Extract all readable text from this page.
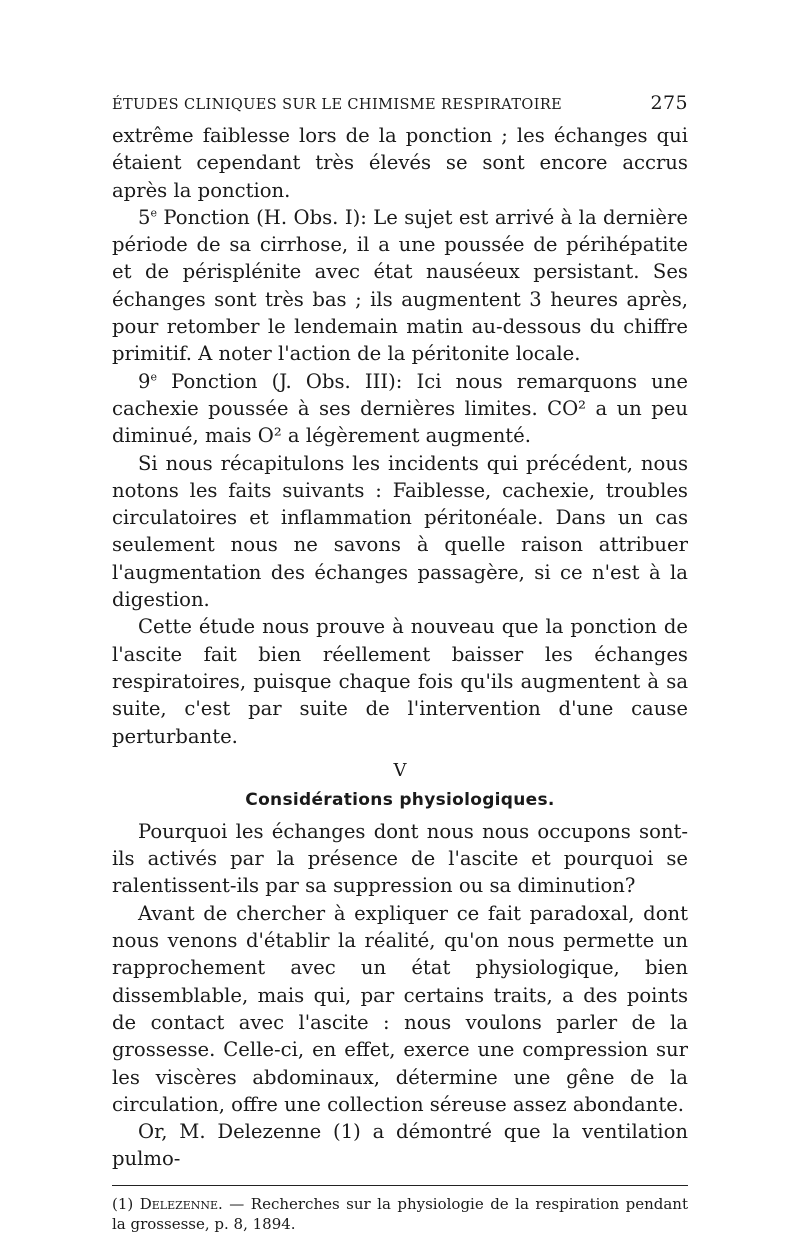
ÉTUDES CLINIQUES SUR LE CHIMISME RESPIRATOIRE	275

extrême faiblesse lors de la ponction ; les échanges qui étaient cependant très élevés se sont encore accrus après la ponction.

5e Ponction (H. Obs. I): Le sujet est arrivé à la dernière période de sa cirrhose, il a une poussée de périhépatite et de périsplénite avec état nauséeux persistant. Ses échanges sont très bas ; ils augmentent 3 heures après, pour retomber le lendemain matin au-dessous du chiffre primitif. A noter l'action de la péritonite locale.

9e Ponction (J. Obs. III): Ici nous remarquons une cachexie poussée à ses dernières limites. CO² a un peu diminué, mais O² a légèrement augmenté.

Si nous récapitulons les incidents qui précédent, nous notons les faits suivants : Faiblesse, cachexie, troubles circulatoires et inflammation péritonéale. Dans un cas seulement nous ne savons à quelle raison attribuer l'augmentation des échanges passagère, si ce n'est à la digestion.

Cette étude nous prouve à nouveau que la ponction de l'ascite fait bien réellement baisser les échanges respiratoires, puisque chaque fois qu'ils augmentent à sa suite, c'est par suite de l'intervention d'une cause perturbante.

V
Considérations physiologiques.

Pourquoi les échanges dont nous nous occupons sont-ils activés par la présence de l'ascite et pourquoi se ralentissent-ils par sa suppression ou sa diminution?

Avant de chercher à expliquer ce fait paradoxal, dont nous venons d'établir la réalité, qu'on nous permette un rapprochement avec un état physiologique, bien dissemblable, mais qui, par certains traits, a des points de contact avec l'ascite : nous voulons parler de la grossesse. Celle-ci, en effet, exerce une compression sur les viscères abdominaux, détermine une gêne de la circulation, offre une collection séreuse assez abondante.

Or, M. Delezenne (1) a démontré que la ventilation pulmo-

(1) Delezenne. — Recherches sur la physiologie de la respiration pendant la grossesse, p. 8, 1894.
